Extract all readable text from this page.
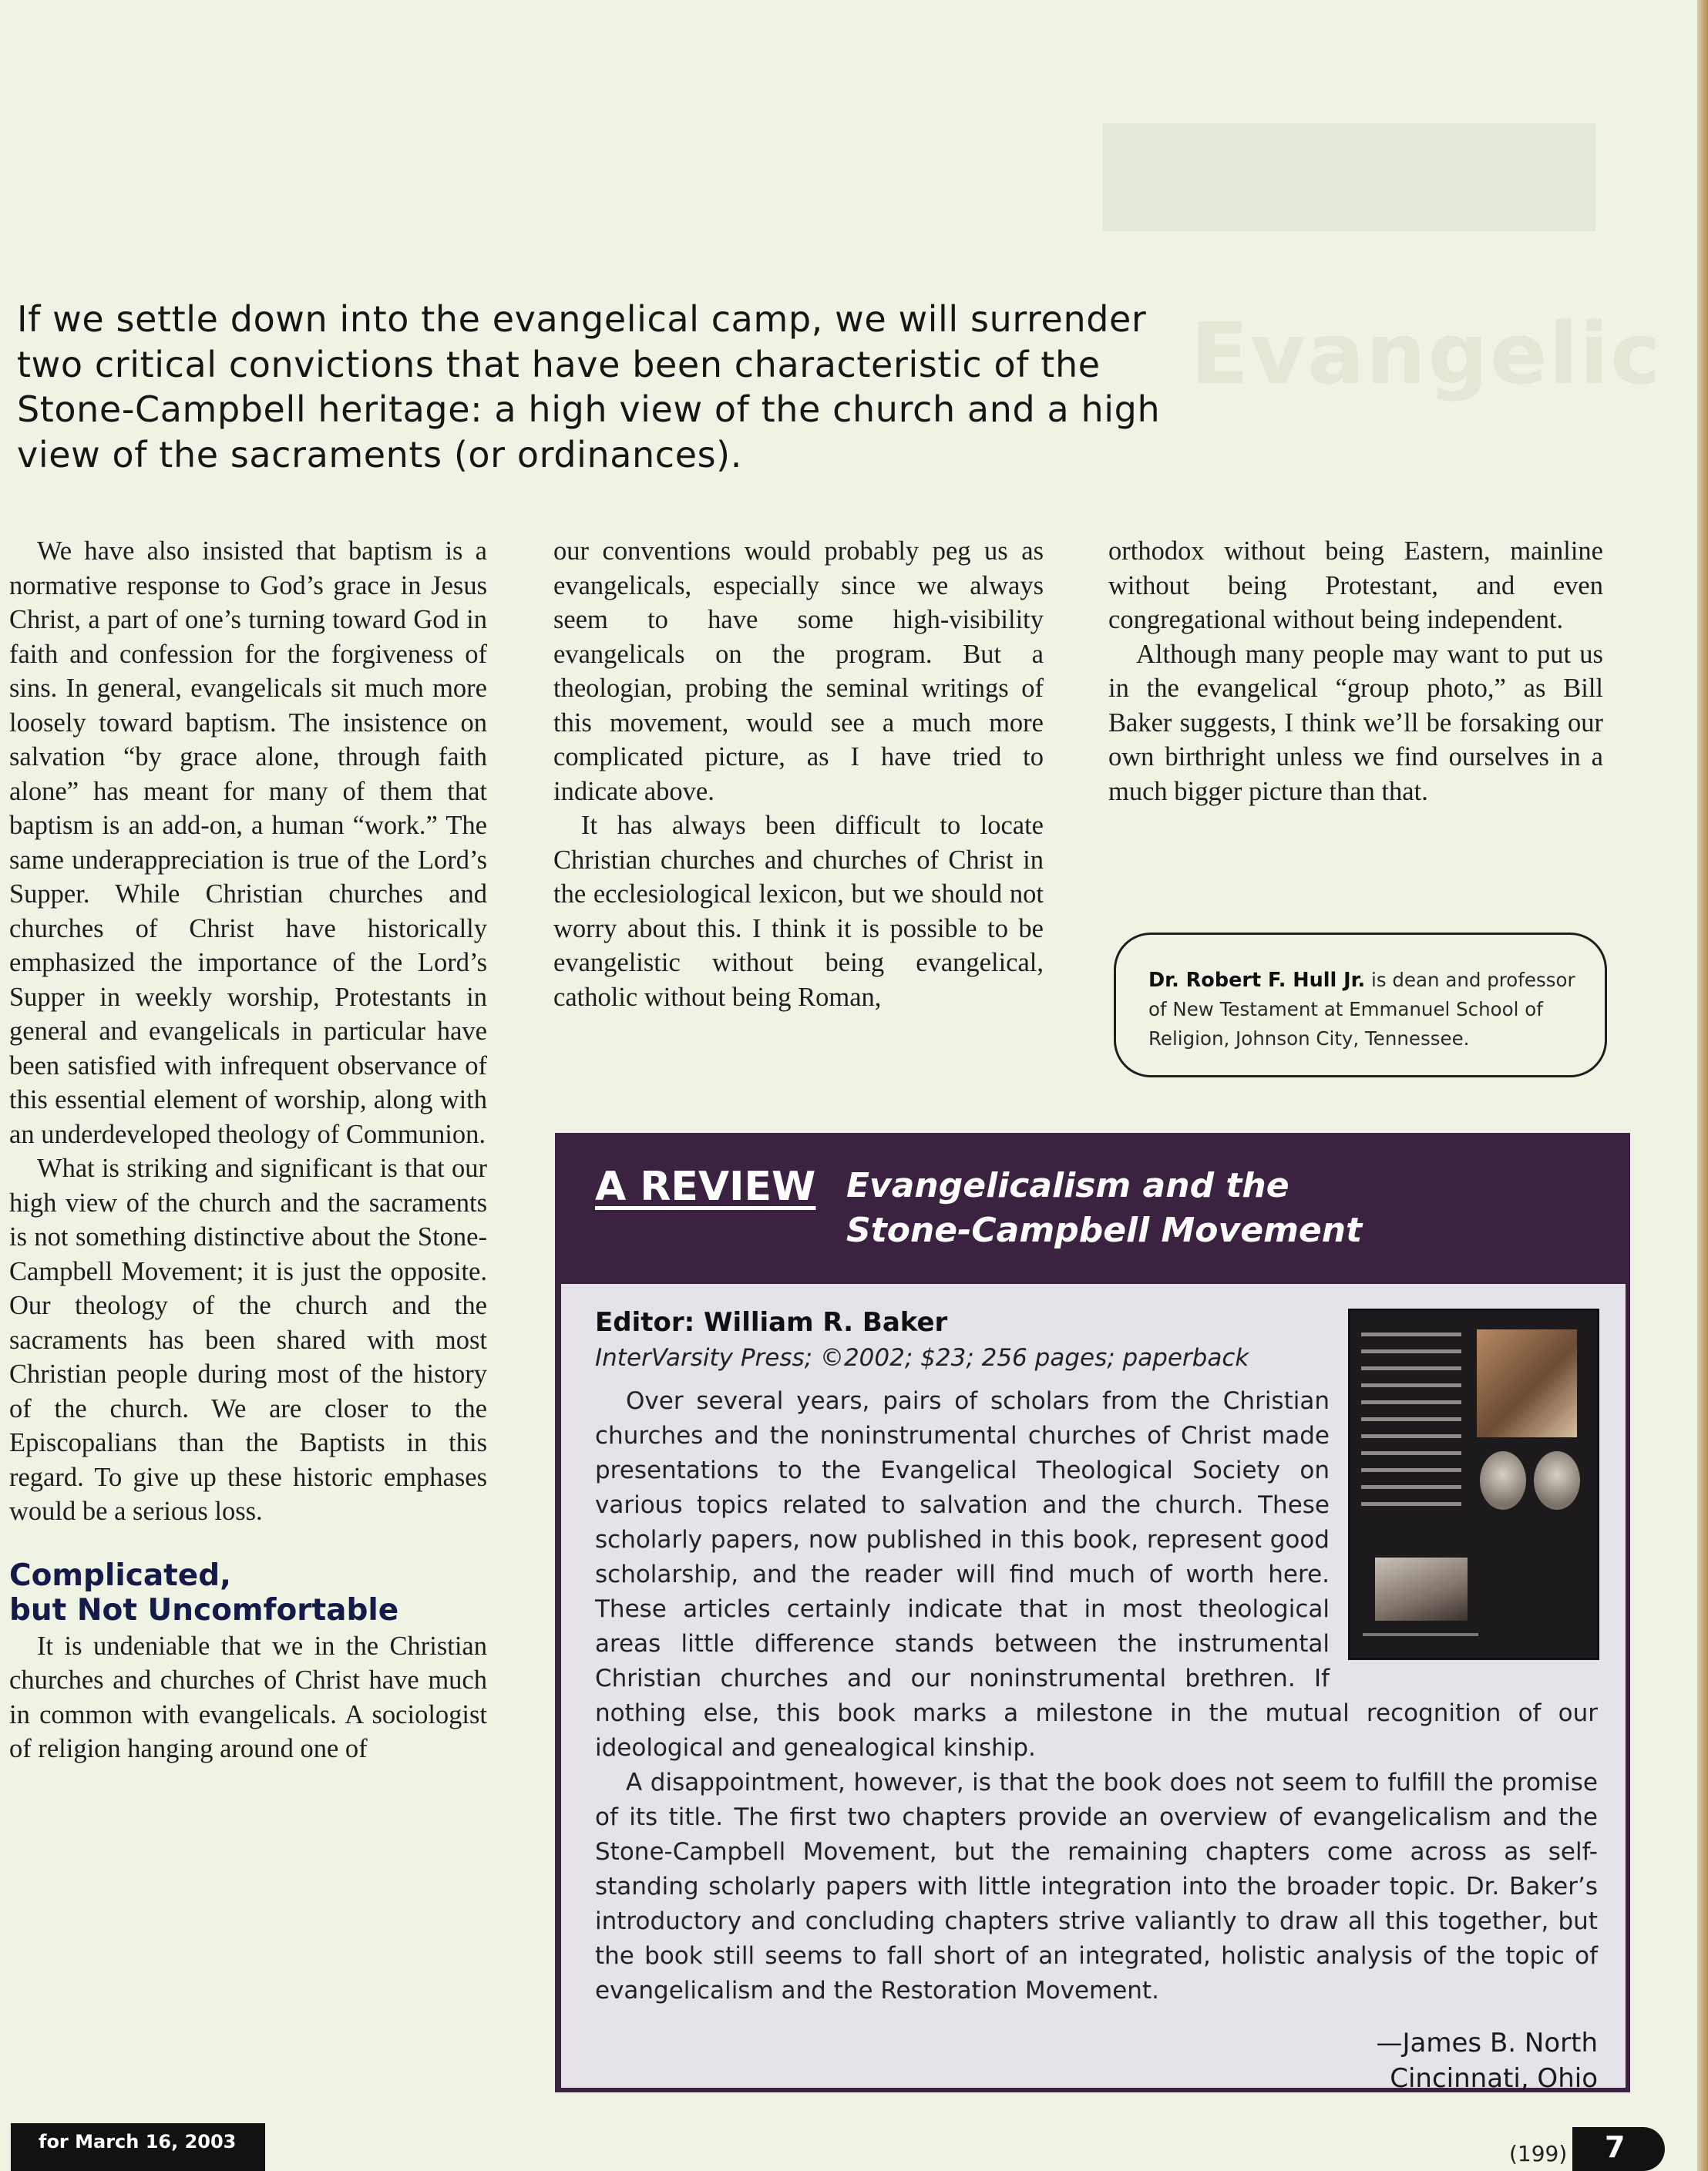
Evangelic

If we settle down into the evangelical camp, we will surrender two critical convictions that have been characteristic of the Stone-Campbell heritage: a high view of the church and a high view of the sacraments (or ordinances).

We have also insisted that baptism is a normative response to God’s grace in Jesus Christ, a part of one’s turning toward God in faith and confession for the forgiveness of sins. In general, evangelicals sit much more loosely toward baptism. The insistence on salvation “by grace alone, through faith alone” has meant for many of them that baptism is an add-on, a human “work.” The same underappreciation is true of the Lord’s Supper. While Christian churches and churches of Christ have historically emphasized the importance of the Lord’s Supper in weekly worship, Protestants in general and evangelicals in particular have been satisfied with infrequent observance of this essential element of worship, along with an underdeveloped theology of Communion.

What is striking and significant is that our high view of the church and the sacraments is not something distinctive about the Stone-Campbell Movement; it is just the opposite. Our theology of the church and the sacraments has been shared with most Christian people during most of the history of the church. We are closer to the Episcopalians than the Baptists in this regard. To give up these historic emphases would be a serious loss.

Complicated,
but Not Uncomfortable

It is undeniable that we in the Christian churches and churches of Christ have much in common with evangelicals. A sociologist of religion hanging around one of

our conventions would probably peg us as evangelicals, especially since we always seem to have some high-visibility evangelicals on the program. But a theologian, probing the seminal writings of this movement, would see a much more complicated picture, as I have tried to indicate above.

It has always been difficult to locate Christian churches and churches of Christ in the ecclesiological lexicon, but we should not worry about this. I think it is possible to be evangelistic without being evangelical, catholic without being Roman,

orthodox without being Eastern, mainline without being Protestant, and even congregational without being independent.

Although many people may want to put us in the evangelical “group photo,” as Bill Baker suggests, I think we’ll be forsaking our own birthright unless we find ourselves in a much bigger picture than that.

Dr. Robert F. Hull Jr. is dean and professor of New Testament at Emmanuel School of Religion, Johnson City, Tennessee.
A REVIEW Evangelicalism and the
Stone-Campbell Movement
Editor: William R. Baker
InterVarsity Press; ©2002; $23; 256 pages; paperback

Over several years, pairs of scholars from the Christian churches and the noninstrumental churches of Christ made presentations to the Evangelical Theological Society on various topics related to salvation and the church. These scholarly papers, now published in this book, represent good scholarship, and the reader will find much of worth here. These articles certainly indicate that in most theological areas little difference stands between the instrumental Christian churches and our noninstrumental brethren. If nothing else, this book marks a milestone in the mutual recognition of our ideological and genealogical kinship.

A disappointment, however, is that the book does not seem to fulfill the promise of its title. The first two chapters provide an overview of evangelicalism and the Stone-Campbell Movement, but the remaining chapters come across as self-standing scholarly papers with little integration into the broader topic. Dr. Baker’s introductory and concluding chapters strive valiantly to draw all this together, but the book still seems to fall short of an integrated, holistic analysis of the topic of evangelicalism and the Restoration Movement.

—James B. North
Cincinnati, Ohio
for March 16, 2003	(199)	7
